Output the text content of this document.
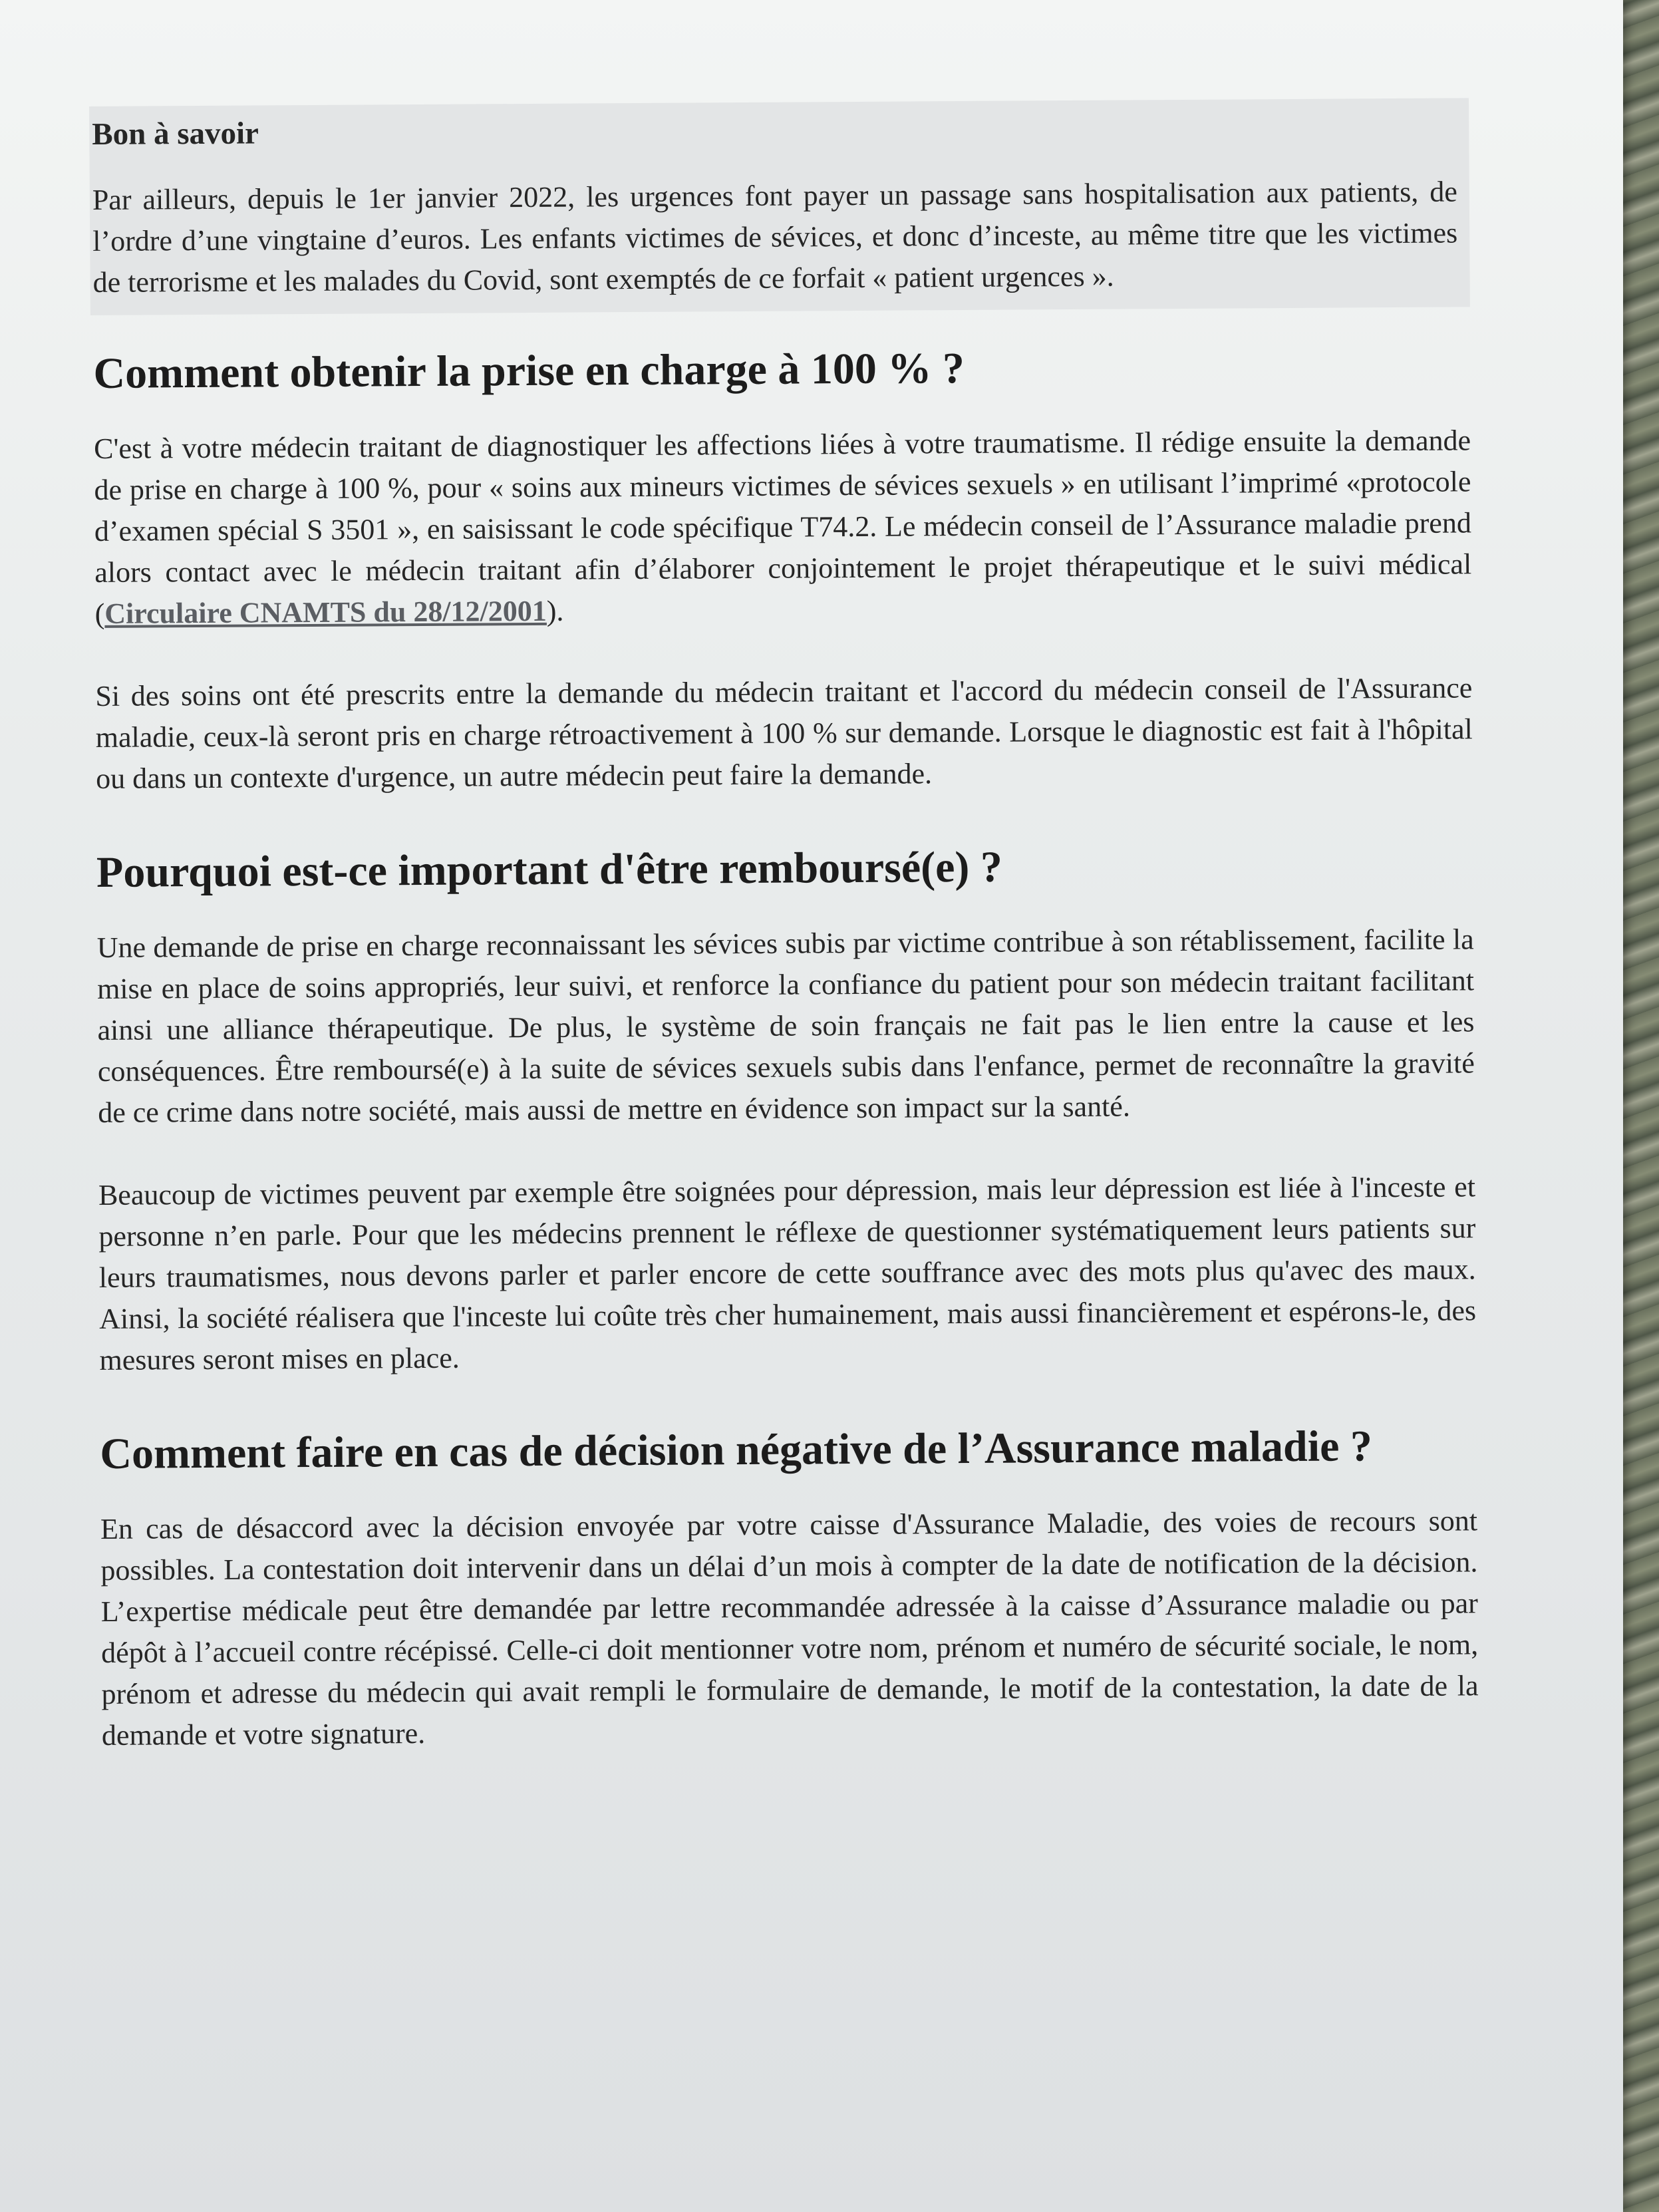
Bon à savoir

Par ailleurs, depuis le 1er janvier 2022, les urgences font payer un passage sans hospitalisation aux patients, de l’ordre d’une vingtaine d’euros. Les enfants victimes de sévices, et donc d’inceste, au même titre que les victimes de terrorisme et les malades du Covid, sont exemptés de ce forfait « patient urgences ».

Comment obtenir la prise en charge à 100 % ?

C'est à votre médecin traitant de diagnostiquer les affections liées à votre traumatisme. Il rédige ensuite la demande de prise en charge à 100 %, pour « soins aux mineurs victimes de sévices sexuels » en utilisant l’imprimé «protocole d’examen spécial S 3501 », en saisissant le code spécifique T74.2. Le médecin conseil de l’Assurance maladie prend alors contact avec le médecin traitant afin d’élaborer conjointement le projet thérapeutique et le suivi médical (Circulaire CNAMTS du 28/12/2001).

Si des soins ont été prescrits entre la demande du médecin traitant et l'accord du médecin conseil de l'Assurance maladie, ceux-là seront pris en charge rétroactivement à 100 % sur demande. Lorsque le diagnostic est fait à l'hôpital ou dans un contexte d'urgence, un autre médecin peut faire la demande.

Pourquoi est-ce important d'être remboursé(e) ?

Une demande de prise en charge reconnaissant les sévices subis par victime contribue à son rétablissement, facilite la mise en place de soins appropriés, leur suivi, et renforce la confiance du patient pour son médecin traitant facilitant ainsi une alliance thérapeutique. De plus, le système de soin français ne fait pas le lien entre la cause et les conséquences. Être remboursé(e) à la suite de sévices sexuels subis dans l'enfance, permet de reconnaître la gravité de ce crime dans notre société, mais aussi de mettre en évidence son impact sur la santé.

Beaucoup de victimes peuvent par exemple être soignées pour dépression, mais leur dépression est liée à l'inceste et personne n’en parle. Pour que les médecins prennent le réflexe de questionner systématiquement leurs patients sur leurs traumatismes, nous devons parler et parler encore de cette souffrance avec des mots plus qu'avec des maux. Ainsi, la société réalisera que l'inceste lui coûte très cher humainement, mais aussi financièrement et espérons-le, des mesures seront mises en place.

Comment faire en cas de décision négative de l’Assurance maladie ?

En cas de désaccord avec la décision envoyée par votre caisse d'Assurance Maladie, des voies de recours sont possibles. La contestation doit intervenir dans un délai d’un mois à compter de la date de notification de la décision. L’expertise médicale peut être demandée par lettre recommandée adressée à la caisse d’Assurance maladie ou par dépôt à l’accueil contre récépissé. Celle-ci doit mentionner votre nom, prénom et numéro de sécurité sociale, le nom, prénom et adresse du médecin qui avait rempli le formulaire de demande, le motif de la contestation, la date de la demande et votre signature.
